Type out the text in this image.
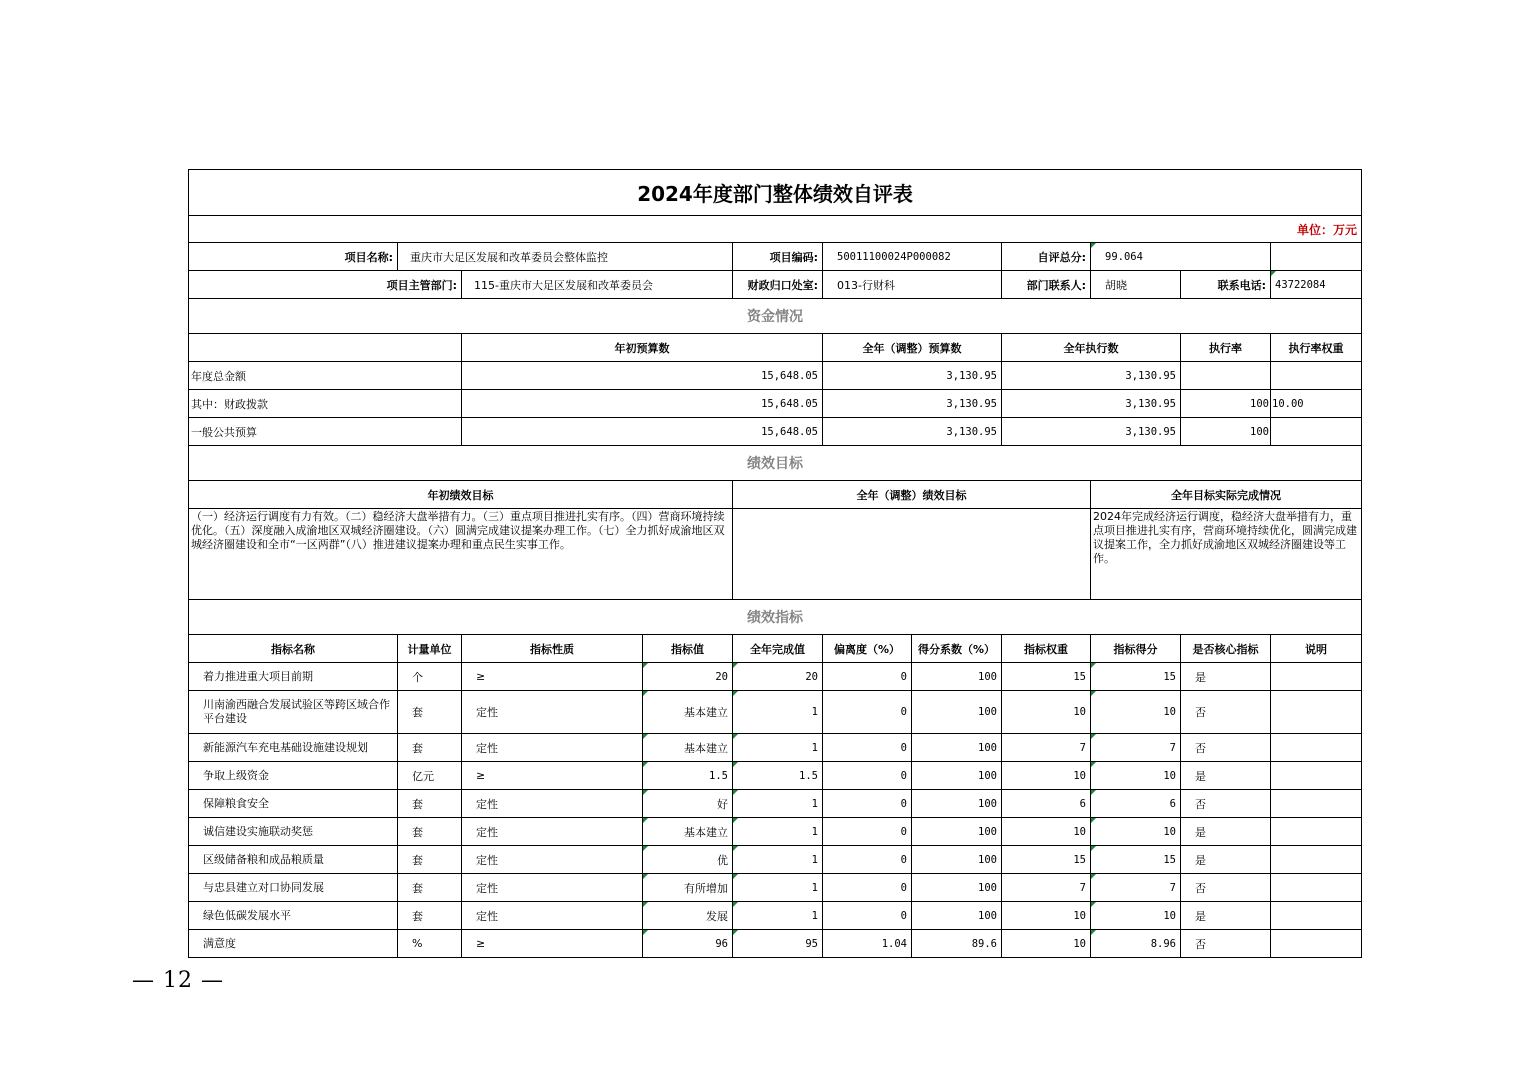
2024年度部门整体绩效自评表											
单位：万元											
项目名称:	重庆市大足区发展和改革委员会整体监控			项目编码:	50011100024P000082		自评总分:	99.064			
项目主管部门:		115-重庆市大足区发展和改革委员会		财政归口处室:	013-行财科		部门联系人:	胡晓	联系电话:	43722084	
资金情况											
		年初预算数			全年（调整）预算数		全年执行数		执行率	执行率权重	
年度总金额		15,648.05			3,130.95		3,130.95				
其中：财政拨款		15,648.05			3,130.95		3,130.95		100	10.00	
一般公共预算		15,648.05			3,130.95		3,130.95		100		
绩效目标											
年初绩效目标				全年（调整）绩效目标				全年目标实际完成情况			
（一）经济运行调度有力有效。（二）稳经济大盘举措有力。（三）重点项目推进扎实有序。（四）营商环境持续优化。（五）深度融入成渝地区双城经济圈建设。（六）圆满完成建议提案办理工作。（七）全力抓好成渝地区双城经济圈建设和全市“一区两群”（八）推进建议提案办理和重点民生实事工作。								2024年完成经济运行调度，稳经济大盘举措有力，重点项目推进扎实有序，营商环境持续优化，圆满完成建议提案工作，全力抓好成渝地区双城经济圈建设等工作。			
绩效指标											
指标名称	计量单位	指标性质	指标值	全年完成值	偏离度（%）	得分系数（%）	指标权重	指标得分	是否核心指标	说明	
着力推进重大项目前期	个	≥	20	20	0	100	15	15	是		
川南渝西融合发展试验区等跨区域合作平台建设	套	定性	基本建立	1	0	100	10	10	否		
新能源汽车充电基础设施建设规划	套	定性	基本建立	1	0	100	7	7	否		
争取上级资金	亿元	≥	1.5	1.5	0	100	10	10	是		
保障粮食安全	套	定性	好	1	0	100	6	6	否		
诚信建设实施联动奖惩	套	定性	基本建立	1	0	100	10	10	是		
区级储备粮和成品粮质量	套	定性	优	1	0	100	15	15	是		
与忠县建立对口协同发展	套	定性	有所增加	1	0	100	7	7	否		
绿色低碳发展水平	套	定性	发展	1	0	100	10	10	是		
满意度	%	≥	96	95	1.04	89.6	10	8.96	否		
— 12 —
